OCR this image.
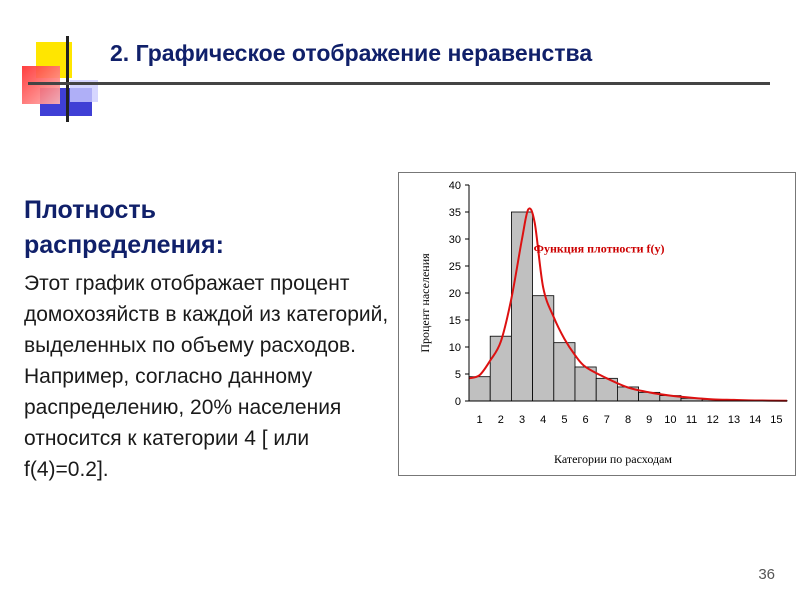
2. Графическое отображение неравенства
Плотность
распределения:
Этот график отображает процент домохозяйств в каждой из категорий, выделенных по объему расходов. Например, согласно данному распределению, 20% населения относится к категории 4 [ или f(4)=0.2].
0
5
10
15
20
25
30
35
40
1 2 3 4 5 6 7 8 9 10 11 12 13 14 15
Процент населения
Категории по расходам
Функция плотности f(y)
36
